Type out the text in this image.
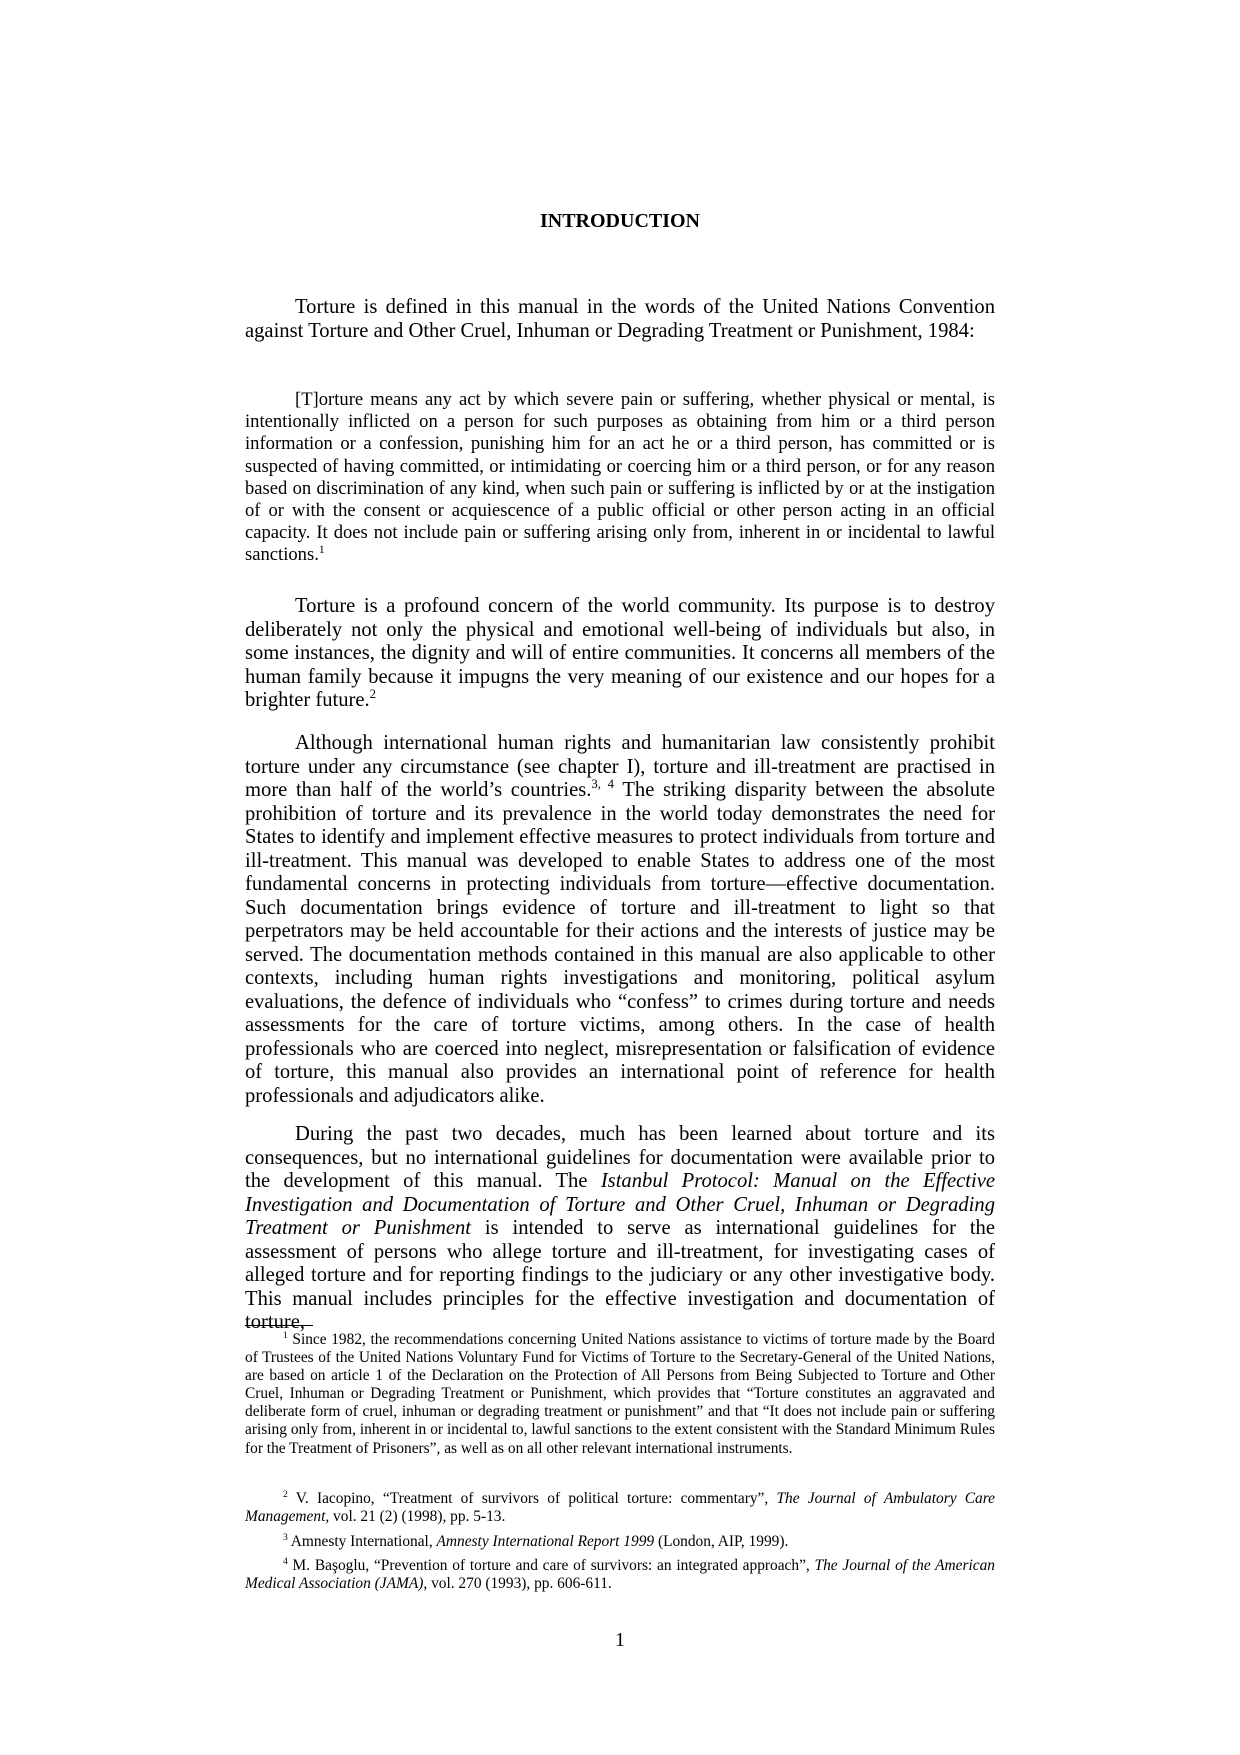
INTRODUCTION

Torture is defined in this manual in the words of the United Nations Convention against Torture and Other Cruel, Inhuman or Degrading Treatment or Punishment, 1984:

[T]orture means any act by which severe pain or suffering, whether physical or mental, is intentionally inflicted on a person for such purposes as obtaining from him or a third person information or a confession, punishing him for an act he or a third person, has committed or is suspected of having committed, or intimidating or coercing him or a third person, or for any reason based on discrimination of any kind, when such pain or suffering is inflicted by or at the instigation of or with the consent or acquiescence of a public official or other person acting in an official capacity. It does not include pain or suffering arising only from, inherent in or incidental to lawful sanctions.$^1$

Torture is a profound concern of the world community. Its purpose is to destroy deliberately not only the physical and emotional well-being of individuals but also, in some instances, the dignity and will of entire communities. It concerns all members of the human family because it impugns the very meaning of our existence and our hopes for a brighter future.$^2$

Although international human rights and humanitarian law consistently prohibit torture under any circumstance (see chapter I), torture and ill-treatment are practised in more than half of the world’s countries.$^{3, 4}$ The striking disparity between the absolute prohibition of torture and its prevalence in the world today demonstrates the need for States to identify and implement effective measures to protect individuals from torture and ill-treatment. This manual was developed to enable States to address one of the most fundamental concerns in protecting individuals from torture—effective documentation. Such documentation brings evidence of torture and ill-treatment to light so that perpetrators may be held accountable for their actions and the interests of justice may be served. The documentation methods contained in this manual are also applicable to other contexts, including human rights investigations and monitoring, political asylum evaluations, the defence of individuals who “confess” to crimes during torture and needs assessments for the care of torture victims, among others. In the case of health professionals who are coerced into neglect, misrepresentation or falsification of evidence of torture, this manual also provides an international point of reference for health professionals and adjudicators alike.

During the past two decades, much has been learned about torture and its consequences, but no international guidelines for documentation were available prior to the development of this manual. The Istanbul Protocol: Manual on the Effective Investigation and Documentation of Torture and Other Cruel, Inhuman or Degrading Treatment or Punishment is intended to serve as international guidelines for the assessment of persons who allege torture and ill-treatment, for investigating cases of alleged torture and for reporting findings to the judiciary or any other investigative body. This manual includes principles for the effective investigation and documentation of torture,

$^1$ Since 1982, the recommendations concerning United Nations assistance to victims of torture made by the Board of Trustees of the United Nations Voluntary Fund for Victims of Torture to the Secretary-General of the United Nations, are based on article 1 of the Declaration on the Protection of All Persons from Being Subjected to Torture and Other Cruel, Inhuman or Degrading Treatment or Punishment, which provides that “Torture constitutes an aggravated and deliberate form of cruel, inhuman or degrading treatment or punishment” and that “It does not include pain or suffering arising only from, inherent in or incidental to, lawful sanctions to the extent consistent with the Standard Minimum Rules for the Treatment of Prisoners”, as well as on all other relevant international instruments.

$^2$ V. Iacopino, “Treatment of survivors of political torture: commentary”, The Journal of Ambulatory Care Management, vol. 21 (2) (1998), pp. 5-13.

$^3$ Amnesty International, Amnesty International Report 1999 (London, AIP, 1999).

$^4$ M. Başoglu, “Prevention of torture and care of survivors: an integrated approach”, The Journal of the American Medical Association (JAMA), vol. 270 (1993), pp. 606-611.

1
